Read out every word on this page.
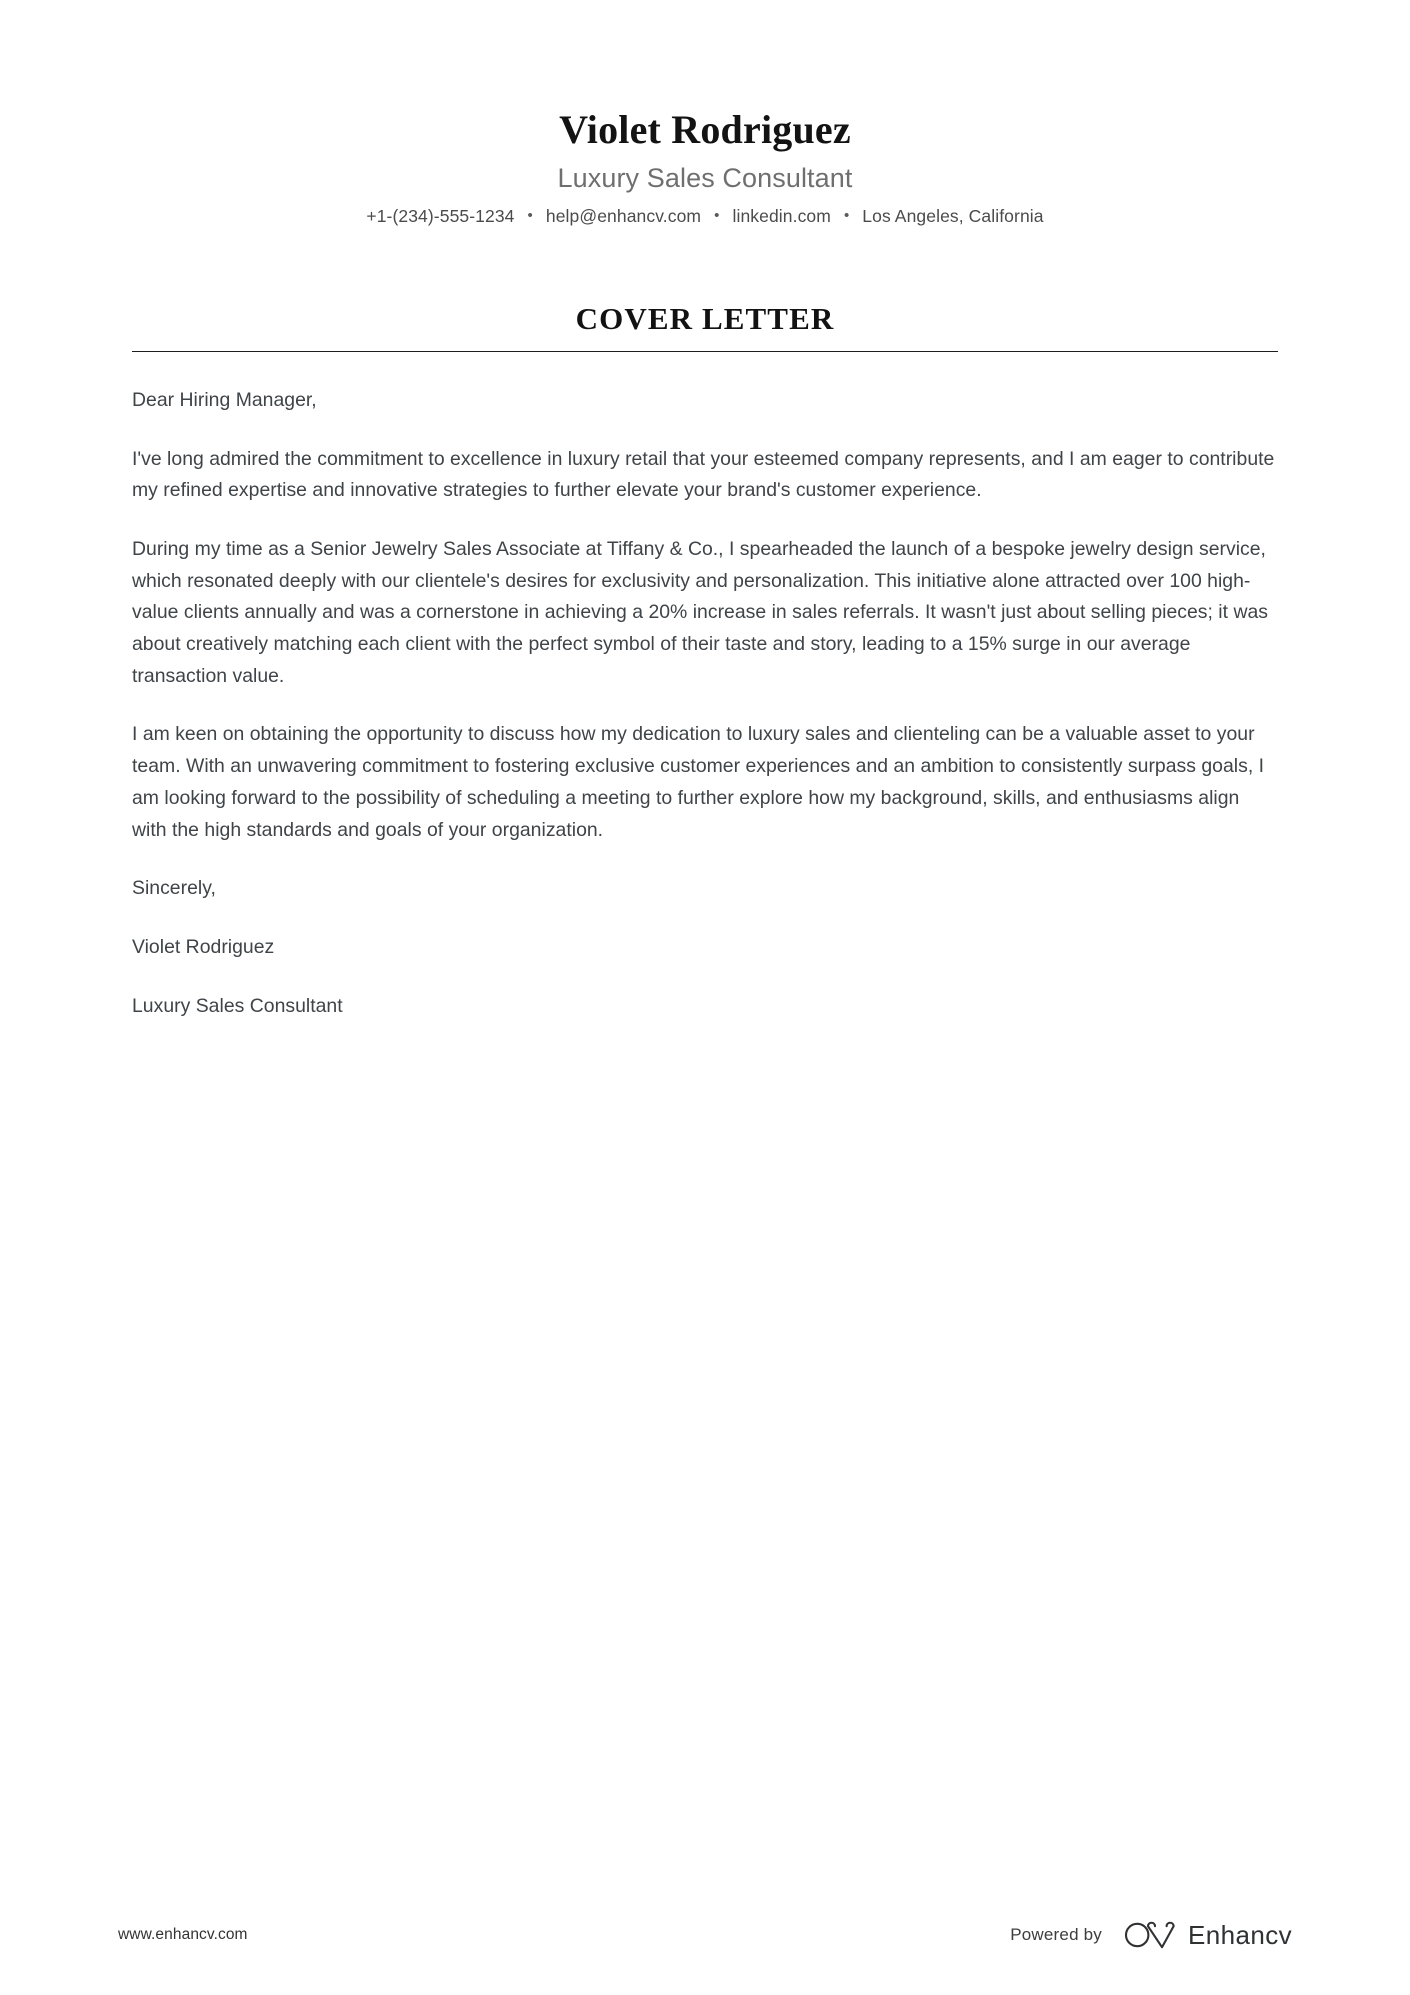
Violet Rodriguez
Luxury Sales Consultant
+1-(234)-555-1234 • help@enhancv.com • linkedin.com • Los Angeles, California
COVER LETTER

Dear Hiring Manager,

I've long admired the commitment to excellence in luxury retail that your esteemed company represents, and I am eager to contribute my refined expertise and innovative strategies to further elevate your brand's customer experience.

During my time as a Senior Jewelry Sales Associate at Tiffany & Co., I spearheaded the launch of a bespoke jewelry design service, which resonated deeply with our clientele's desires for exclusivity and personalization. This initiative alone attracted over 100 high-value clients annually and was a cornerstone in achieving a 20% increase in sales referrals. It wasn't just about selling pieces; it was about creatively matching each client with the perfect symbol of their taste and story, leading to a 15% surge in our average transaction value.

I am keen on obtaining the opportunity to discuss how my dedication to luxury sales and clienteling can be a valuable asset to your team. With an unwavering commitment to fostering exclusive customer experiences and an ambition to consistently surpass goals, I am looking forward to the possibility of scheduling a meeting to further explore how my background, skills, and enthusiasms align with the high standards and goals of your organization.

Sincerely,

Violet Rodriguez

Luxury Sales Consultant

www.enhancv.com	Powered by	Enhancv
